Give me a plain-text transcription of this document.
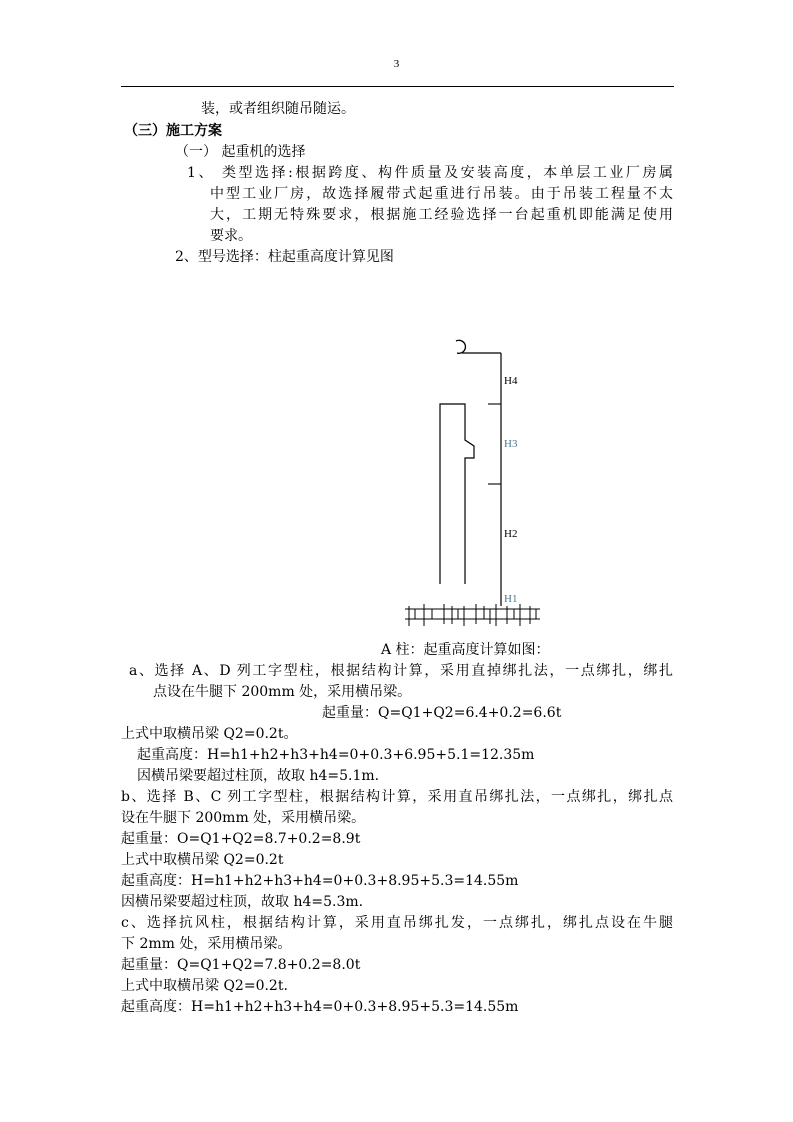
3
装，或者组织随吊随运。
（三）施工方案
（一） 起重机的选择
1、 类型选择:根据跨度、构件质量及安装高度，本单层工业厂房属
中型工业厂房，故选择履带式起重进行吊装。由于吊装工程量不太
大，工期无特殊要求，根据施工经验选择一台起重机即能满足使用
要求。
2、型号选择：柱起重高度计算见图
H4
H3
H2
H1
A 柱：起重高度计算如图：
a、选择 A、D 列工字型柱，根据结构计算，采用直掉绑扎法，一点绑扎，绑扎
点设在牛腿下 200mm 处，采用横吊梁。
起重量：Q=Q1+Q2=6.4+0.2=6.6t
上式中取横吊梁 Q2=0.2t。
起重高度：H=h1+h2+h3+h4=0+0.3+6.95+5.1=12.35m
因横吊梁要超过柱顶，故取 h4=5.1m.
b、选择 B、C 列工字型柱，根据结构计算，采用直吊绑扎法，一点绑扎，绑扎点
设在牛腿下 200mm 处，采用横吊梁。
起重量：O=Q1+Q2=8.7+0.2=8.9t
上式中取横吊梁 Q2=0.2t
起重高度：H=h1+h2+h3+h4=0+0.3+8.95+5.3=14.55m
因横吊梁要超过柱顶，故取 h4=5.3m.
c、选择抗风柱，根据结构计算，采用直吊绑扎发，一点绑扎，绑扎点设在牛腿
下 2mm 处，采用横吊梁。
起重量：Q=Q1+Q2=7.8+0.2=8.0t
上式中取横吊梁 Q2=0.2t.
起重高度：H=h1+h2+h3+h4=0+0.3+8.95+5.3=14.55m
